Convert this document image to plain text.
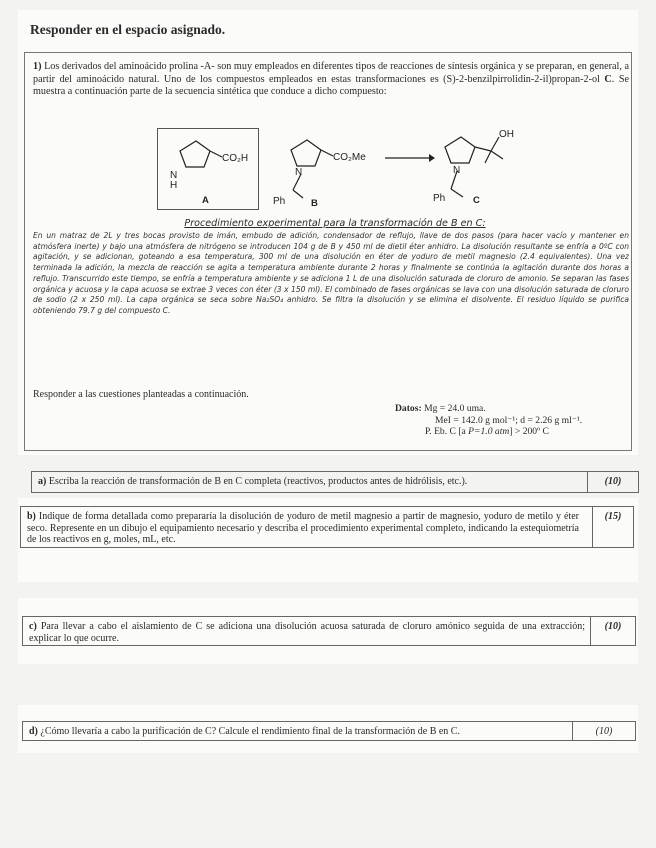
Responder en el espacio asignado.
1) Los derivados del aminoácido prolina -A- son muy empleados en diferentes tipos de reacciones de síntesis orgánica y se preparan, en general, a partir del aminoácido natural. Uno de los compuestos empleados en estas transformaciones es (S)-2-benzilpirrolidin-2-il)propan-2-ol C. Se muestra a continuación parte de la secuencia sintética que conduce a dicho compuesto:
N
H
CO₂H
A
N
CO₂Me
Ph	B
OH
N
Ph	C
Procedimiento experimental para la transformación de B en C:
En un matraz de 2L y tres bocas provisto de imán, embudo de adición, condensador de reflujo, llave de dos pasos (para hacer vacío y mantener en atmósfera inerte) y bajo una atmósfera de nitrógeno se introducen 104 g de B y 450 ml de dietil éter anhidro. La disolución resultante se enfría a 0ºC con agitación, y se adicionan, goteando a esa temperatura, 300 ml de una disolución en éter de yoduro de metil magnesio (2.4 equivalentes). Una vez terminada la adición, la mezcla de reacción se agita a temperatura ambiente durante 2 horas y finalmente se continúa la agitación durante dos horas a reflujo. Transcurrido este tiempo, se enfría a temperatura ambiente y se adiciona 1 L de una disolución saturada de cloruro de amonio. Se separan las fases orgánica y acuosa y la capa acuosa se extrae 3 veces con éter (3 x 150 ml). El combinado de fases orgánicas se lava con una disolución saturada de cloruro de sodio (2 x 250 ml). La capa orgánica se seca sobre Na₂SO₄ anhidro. Se filtra la disolución y se elimina el disolvente. El residuo líquido se purifica obteniendo 79.7 g del compuesto C.
Responder a las cuestiones planteadas a continuación.
Datos: Mg = 24.0 uma.
MeI = 142.0 g mol⁻¹; d = 2.26 g ml⁻¹.
P. Eb. C [a P=1.0 atm] > 200º C
a) Escriba la reacción de transformación de B en C completa (reactivos, productos antes de hidrólisis, etc.).	(10)
b) Indique de forma detallada como prepararía la disolución de yoduro de metil magnesio a partir de magnesio, yoduro de metilo y éter seco. Represente en un dibujo el equipamiento necesario y describa el procedimiento experimental completo, indicando la estequiometría de los reactivos en g, moles, mL, etc.
(15)
c) Para llevar a cabo el aislamiento de C se adiciona una disolución acuosa saturada de cloruro amónico seguida de una extracción; explicar lo que ocurre.
(10)
d) ¿Cómo llevaría a cabo la purificación de C? Calcule el rendimiento final de la transformación de B en C.	(10)
